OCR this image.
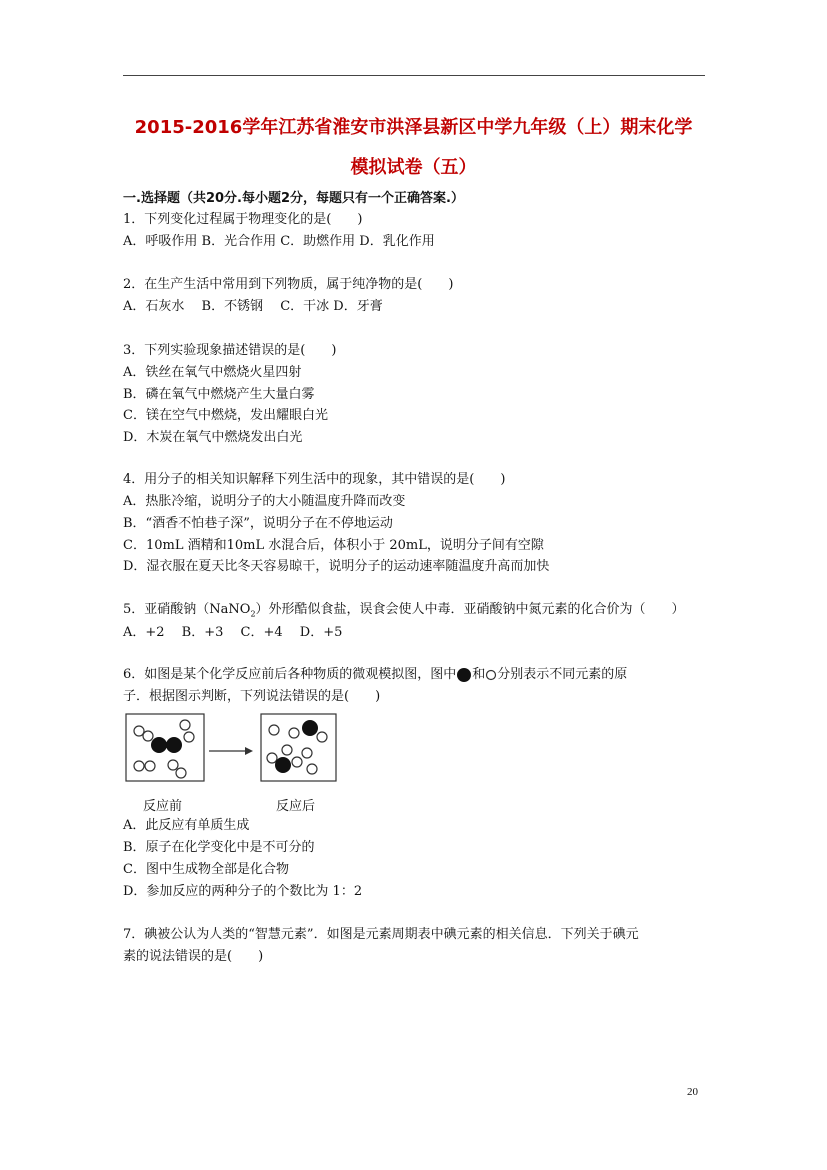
2015-2016学年江苏省淮安市洪泽县新区中学九年级（上）期末化学
模拟试卷（五）
一.选择题（共20分.每小题2分，每题只有一个正确答案.）
1．下列变化过程属于物理变化的是(　　)
A．呼吸作用 B．光合作用 C．助燃作用 D．乳化作用
2．在生产生活中常用到下列物质，属于纯净物的是(　　)
A．石灰水　 B．不锈钢　 C．干冰 D．牙膏
3．下列实验现象描述错误的是(　　)
A．铁丝在氧气中燃烧火星四射
B．磷在氧气中燃烧产生大量白雾
C．镁在空气中燃烧，发出耀眼白光
D．木炭在氧气中燃烧发出白光
4．用分子的相关知识解释下列生活中的现象，其中错误的是(　　)
A．热胀冷缩，说明分子的大小随温度升降而改变
B．“酒香不怕巷子深”，说明分子在不停地运动
C．10mL 酒精和10mL 水混合后，体积小于 20mL，说明分子间有空隙
D．湿衣服在夏天比冬天容易晾干，说明分子的运动速率随温度升高而加快
5．亚硝酸钠（NaNO$_2$）外形酷似食盐，误食会使人中毒．亚硝酸钠中氮元素的化合价为（　　）
A．+2　 B．+3　 C．+4　 D．+5
6．如图是某个化学反应前后各种物质的微观模拟图，图中 和 分别表示不同元素的原
子．根据图示判断，下列说法错误的是(　　)
反应前	反应后
A．此反应有单质生成
B．原子在化学变化中是不可分的
C．图中生成物全部是化合物
D．参加反应的两种分子的个数比为 1：2
7．碘被公认为人类的“智慧元素”．如图是元素周期表中碘元素的相关信息．下列关于碘元
素的说法错误的是(　　)
20
